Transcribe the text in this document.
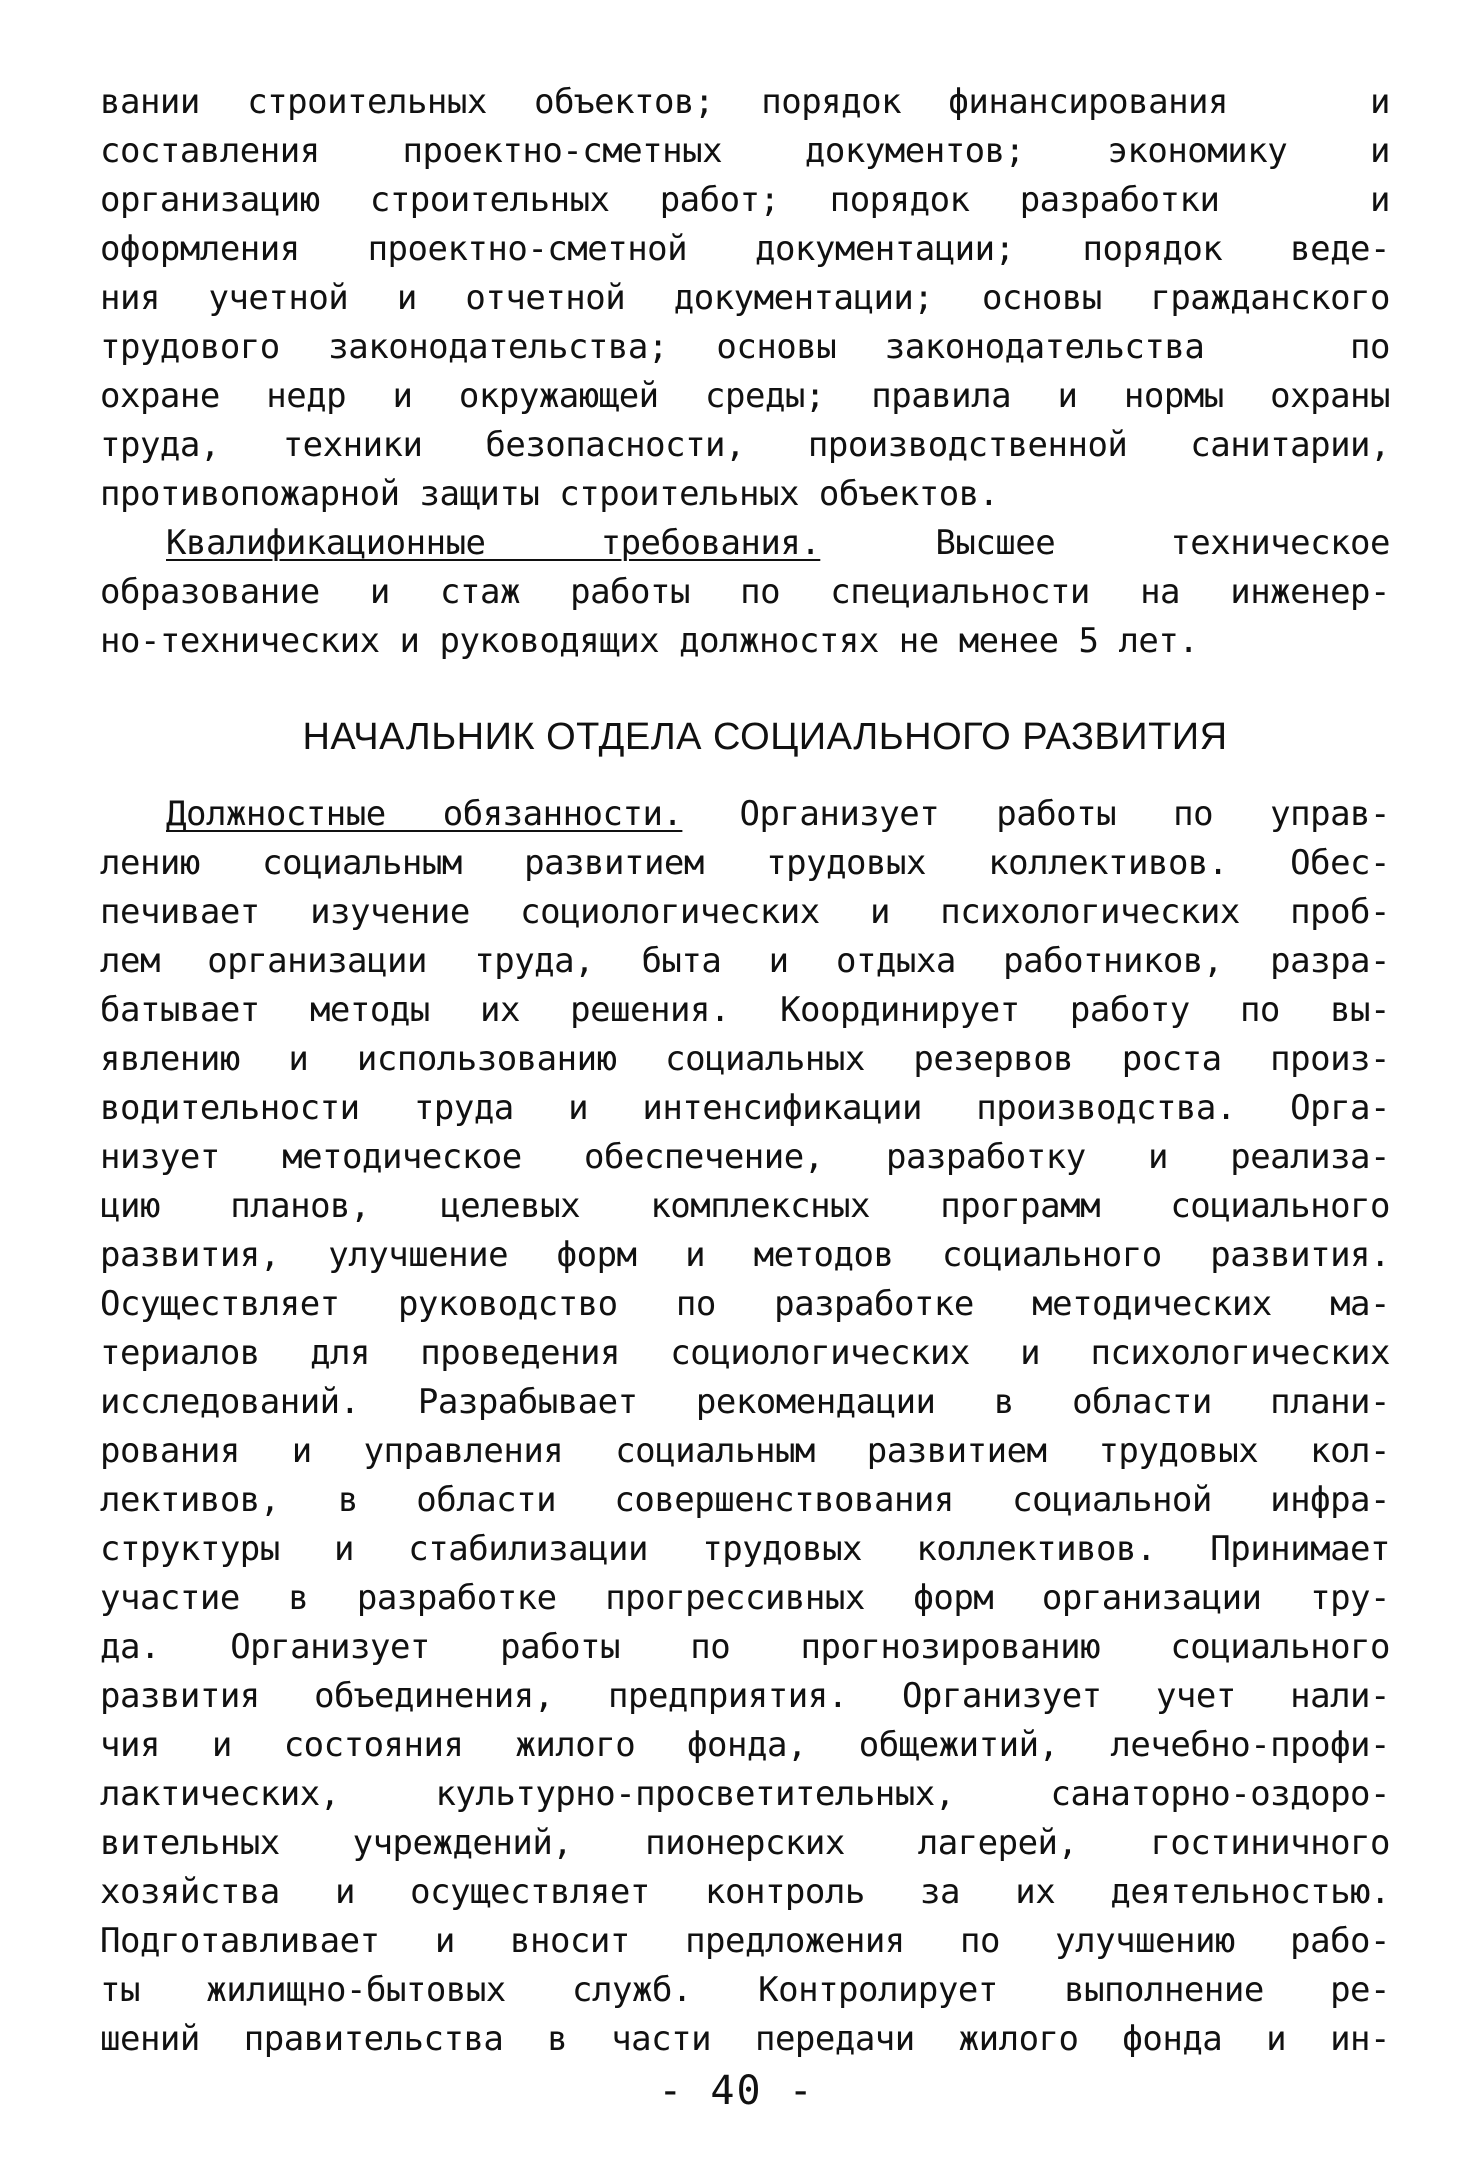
вании строительных объектов; порядок финансирования   и
составления проектно-сметных документов; экономику и
организацию строительных работ; порядок разработки   и
оформления проектно-сметной документации; порядок веде-
ния учетной и отчетной документации; основы гражданского
трудового законодательства; основы законодательства   по
охране недр и окружающей среды; правила и нормы охраны
труда, техники безопасности, производственной санитарии,
противопожарной защиты строительных объектов.
Квалификационные требования. Высшее техническое
образование и стаж работы по специальности на инженер-
но-технических и руководящих должностях не менее 5 лет.
НАЧАЛЬНИК ОТДЕЛА СОЦИАЛЬНОГО РАЗВИТИЯ
Должностные обязанности. Организует работы по управ-
лению социальным развитием трудовых коллективов. Обес-
печивает изучение социологических и психологических проб-
лем организации труда, быта и отдыха работников, разра-
батывает методы их решения. Координирует работу по вы-
явлению и использованию социальных резервов роста произ-
водительности труда и интенсификации производства. Орга-
низует методическое обеспечение, разработку и реализа-
цию планов, целевых комплексных программ социального
развития, улучшение форм и методов социального развития.
Осуществляет руководство по разработке методических ма-
териалов для проведения социологических и психологических
исследований. Разрабывает рекомендации в области плани-
рования и управления социальным развитием трудовых кол-
лективов, в области совершенствования социальной инфра-
структуры и стабилизации трудовых коллективов. Принимает
участие в разработке прогрессивных форм организации тру-
да. Организует работы по прогнозированию социального
развития объединения, предприятия. Организует учет нали-
чия и состояния жилого фонда, общежитий, лечебно-профи-
лактических, культурно-просветительных, санаторно-оздоро-
вительных учреждений, пионерских лагерей, гостиничного
хозяйства и осуществляет контроль за их деятельностью.
Подготавливает и вносит предложения по улучшению рабо-
ты жилищно-бытовых служб. Контролирует выполнение ре-
шений правительства в части передачи жилого фонда и ин-
- 40 -
